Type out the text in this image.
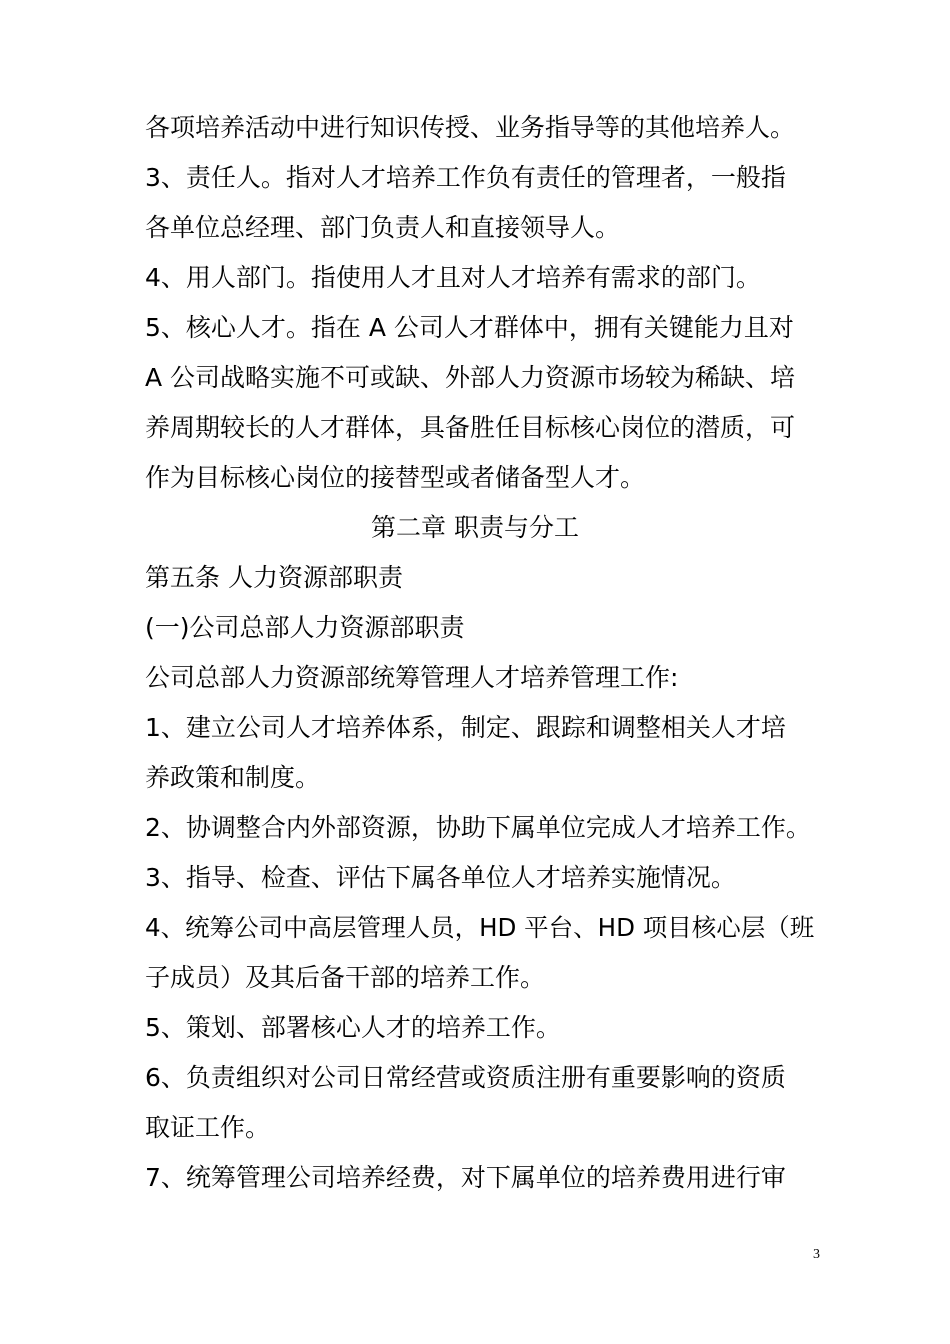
各项培养活动中进行知识传授、业务指导等的其他培养人。
3、责任人。指对人才培养工作负有责任的管理者，一般指
各单位总经理、部门负责人和直接领导人。
4、用人部门。指使用人才且对人才培养有需求的部门。
5、核心人才。指在 A 公司人才群体中，拥有关键能力且对
A 公司战略实施不可或缺、外部人力资源市场较为稀缺、培
养周期较长的人才群体，具备胜任目标核心岗位的潜质，可
作为目标核心岗位的接替型或者储备型人才。
第二章 职责与分工
第五条 人力资源部职责
(一)公司总部人力资源部职责
公司总部人力资源部统筹管理人才培养管理工作:
1、建立公司人才培养体系，制定、跟踪和调整相关人才培
养政策和制度。
2、协调整合内外部资源，协助下属单位完成人才培养工作。
3、指导、检查、评估下属各单位人才培养实施情况。
4、统筹公司中高层管理人员，HD 平台、HD 项目核心层（班
子成员）及其后备干部的培养工作。
5、策划、部署核心人才的培养工作。
6、负责组织对公司日常经营或资质注册有重要影响的资质
取证工作。
7、统筹管理公司培养经费，对下属单位的培养费用进行审
3
